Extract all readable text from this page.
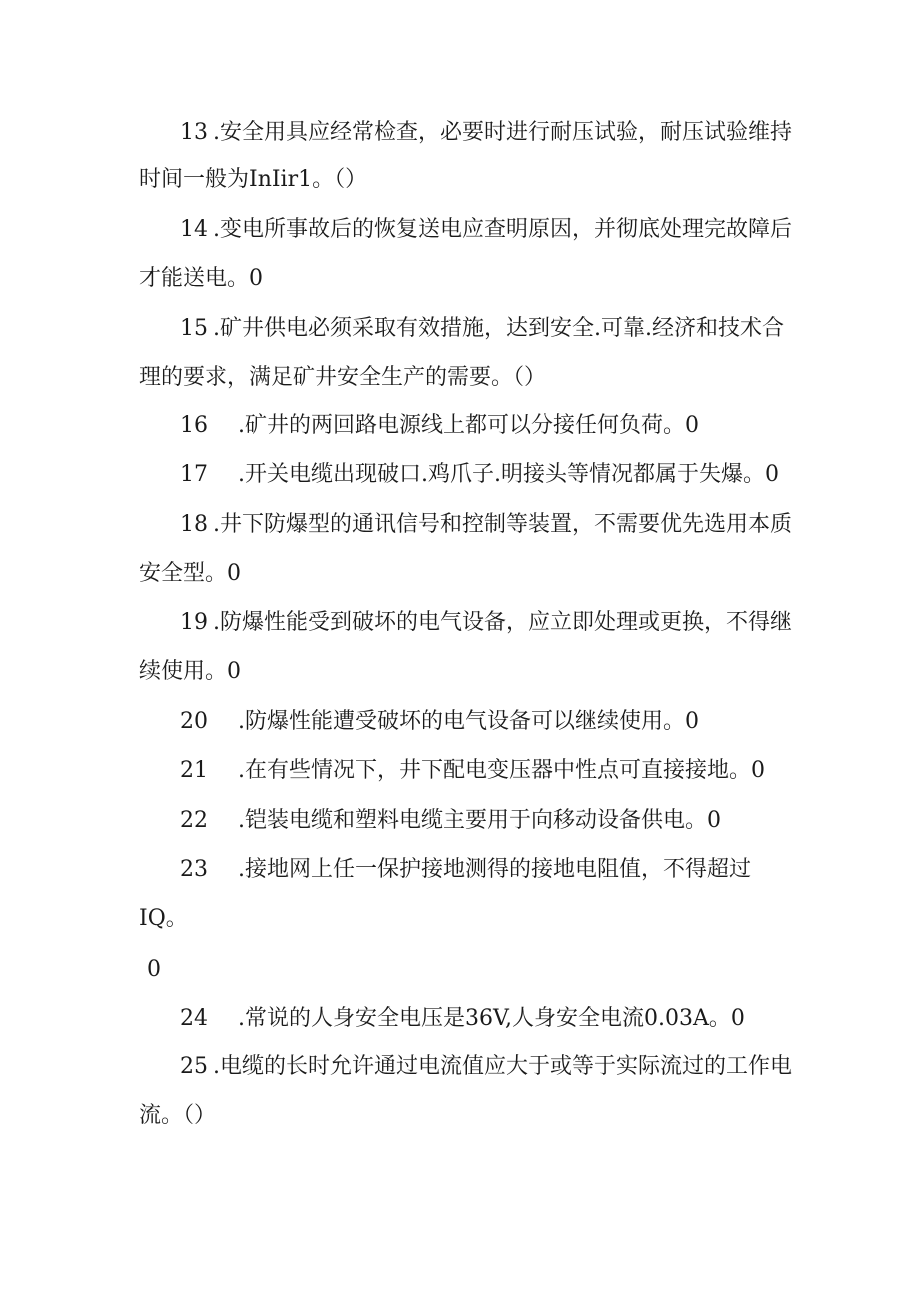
13 .安全用具应经常检查，必要时进行耐压试验，耐压试验维持
时间一般为InIir1。（）
14 .变电所事故后的恢复送电应查明原因，并彻底处理完故障后
才能送电。0
15 .矿井供电必须采取有效措施，达到安全.可靠.经济和技术合
理的要求，满足矿井安全生产的需要。（）
16 .矿井的两回路电源线上都可以分接任何负荷。0
17 .开关电缆出现破口.鸡爪子.明接头等情况都属于失爆。0
18 .井下防爆型的通讯信号和控制等装置，不需要优先选用本质
安全型。0
19 .防爆性能受到破坏的电气设备，应立即处理或更换，不得继
续使用。0
20 .防爆性能遭受破坏的电气设备可以继续使用。0
21 .在有些情况下，井下配电变压器中性点可直接接地。0
22 .铠装电缆和塑料电缆主要用于向移动设备供电。0
23 .接地网上任一保护接地测得的接地电阻值，不得超过
IQ。
0
24 .常说的人身安全电压是36V,人身安全电流0.03A。0
25 .电缆的长时允许通过电流值应大于或等于实际流过的工作电
流。（）
